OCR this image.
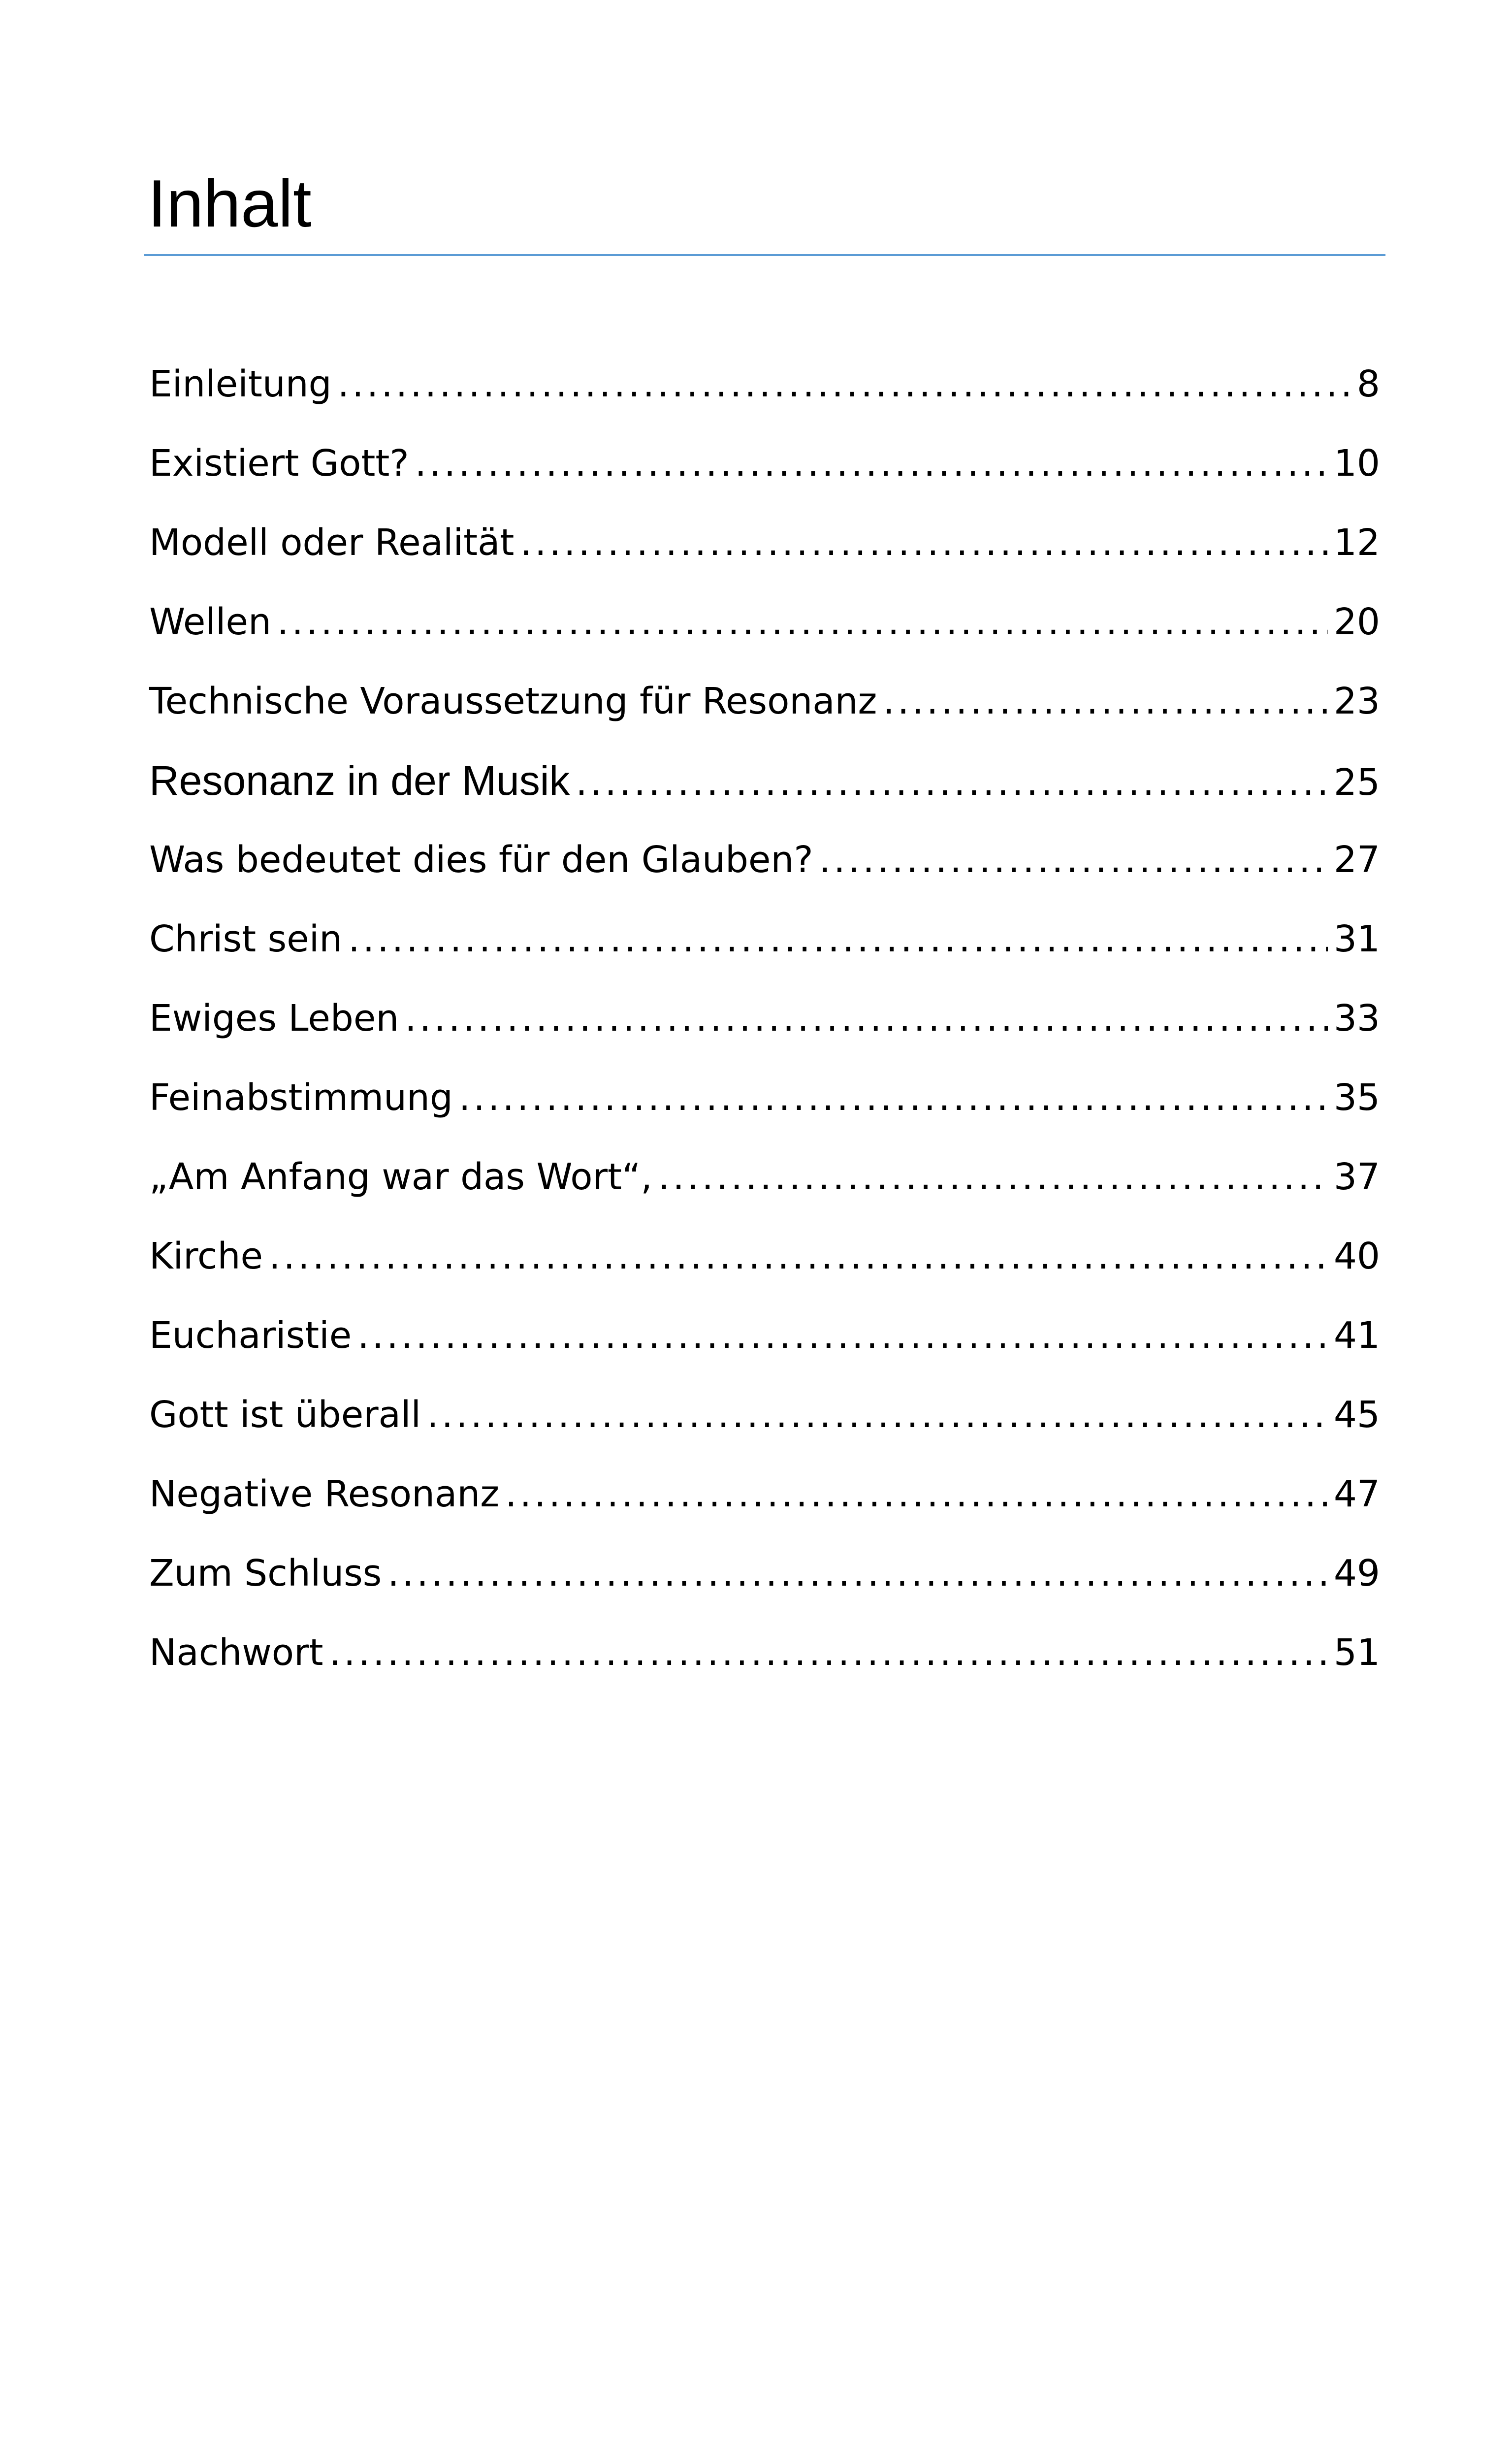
Inhalt
Einleitung .....	8
Existiert Gott? .....	10
Modell oder Realität .....	12
Wellen .....	20
Technische Voraussetzung für Resonanz .....	23
Resonanz in der Musik .....	25
Was bedeutet dies für den Glauben? .....	27
Christ sein .....	31
Ewiges Leben .....	33
Feinabstimmung .....	35
„Am Anfang war das Wort“, .....	37
Kirche .....	40
Eucharistie .....	41
Gott ist überall .....	45
Negative Resonanz .....	47
Zum Schluss .....	49
Nachwort .....	51
